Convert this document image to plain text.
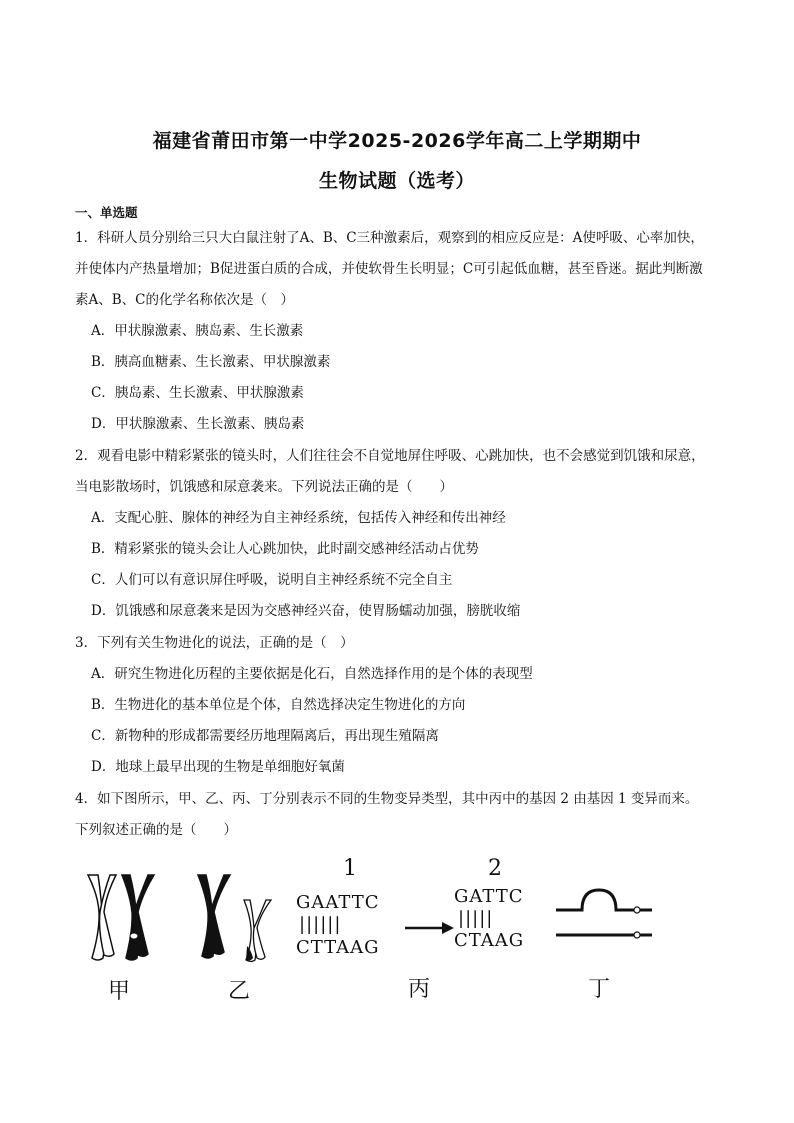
福建省莆田市第一中学2025-2026学年高二上学期期中
生物试题（选考）
一、单选题
1．科研人员分别给三只大白鼠注射了A、B、C三种激素后，观察到的相应反应是：A使呼吸、心率加快，
并使体内产热量增加；B促进蛋白质的合成，并使软骨生长明显；C可引起低血糖，甚至昏迷。据此判断激
素A、B、C的化学名称依次是（　）
A．甲状腺激素、胰岛素、生长激素
B．胰高血糖素、生长激素、甲状腺激素
C．胰岛素、生长激素、甲状腺激素
D．甲状腺激素、生长激素、胰岛素
2．观看电影中精彩紧张的镜头时，人们往往会不自觉地屏住呼吸、心跳加快，也不会感觉到饥饿和尿意，
当电影散场时，饥饿感和尿意袭来。下列说法正确的是（　　）
A．支配心脏、腺体的神经为自主神经系统，包括传入神经和传出神经
B．精彩紧张的镜头会让人心跳加快，此时副交感神经活动占优势
C．人们可以有意识屏住呼吸，说明自主神经系统不完全自主
D．饥饿感和尿意袭来是因为交感神经兴奋，使胃肠蠕动加强，膀胱收缩
3．下列有关生物进化的说法，正确的是（　）
A．研究生物进化历程的主要依据是化石，自然选择作用的是个体的表现型
B．生物进化的基本单位是个体，自然选择决定生物进化的方向
C．新物种的形成都需要经历地理隔离后，再出现生殖隔离
D．地球上最早出现的生物是单细胞好氧菌
4．如下图所示，甲、乙、丙、丁分别表示不同的生物变异类型，其中丙中的基因 2 由基因 1 变异而来。
下列叙述正确的是（　　）
1
GAATTC
||||||
CTTAAG
2
GATTC
|||||
CTAAG
甲	乙	丙	丁
